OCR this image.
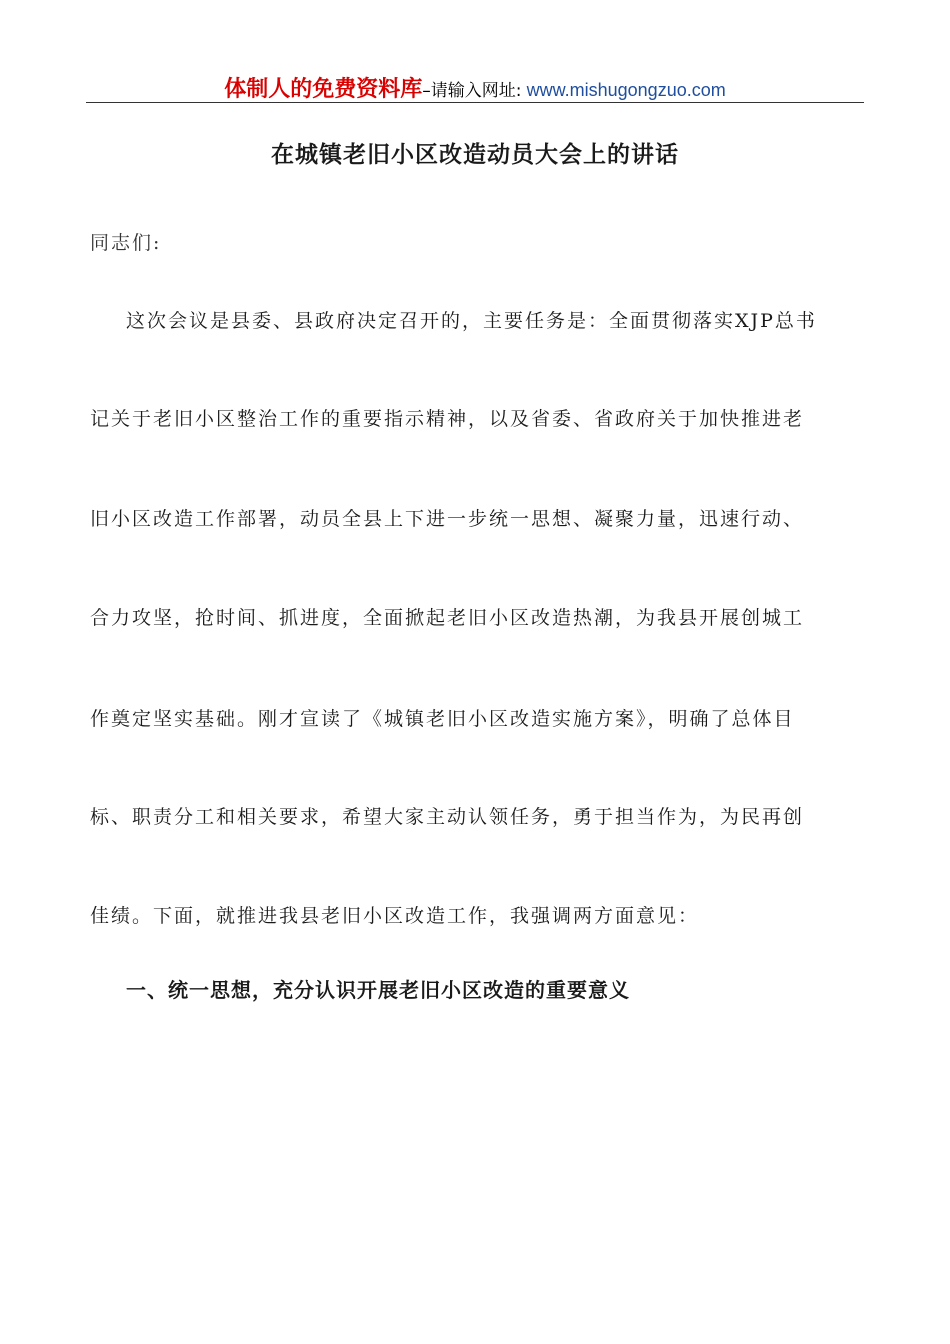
体制人的免费资料库–请输入网址: www.mishugongzuo.com
在城镇老旧小区改造动员大会上的讲话
同志们:
这次会议是县委、县政府决定召开的，主要任务是：全面贯彻落实XJP总书
记关于老旧小区整治工作的重要指示精神，以及省委、省政府关于加快推进老
旧小区改造工作部署，动员全县上下进一步统一思想、凝聚力量，迅速行动、
合力攻坚，抢时间、抓进度，全面掀起老旧小区改造热潮，为我县开展创城工
作奠定坚实基础。刚才宣读了《城镇老旧小区改造实施方案》，明确了总体目
标、职责分工和相关要求，希望大家主动认领任务，勇于担当作为，为民再创
佳绩。下面，就推进我县老旧小区改造工作，我强调两方面意见：
一、统一思想，充分认识开展老旧小区改造的重要意义
